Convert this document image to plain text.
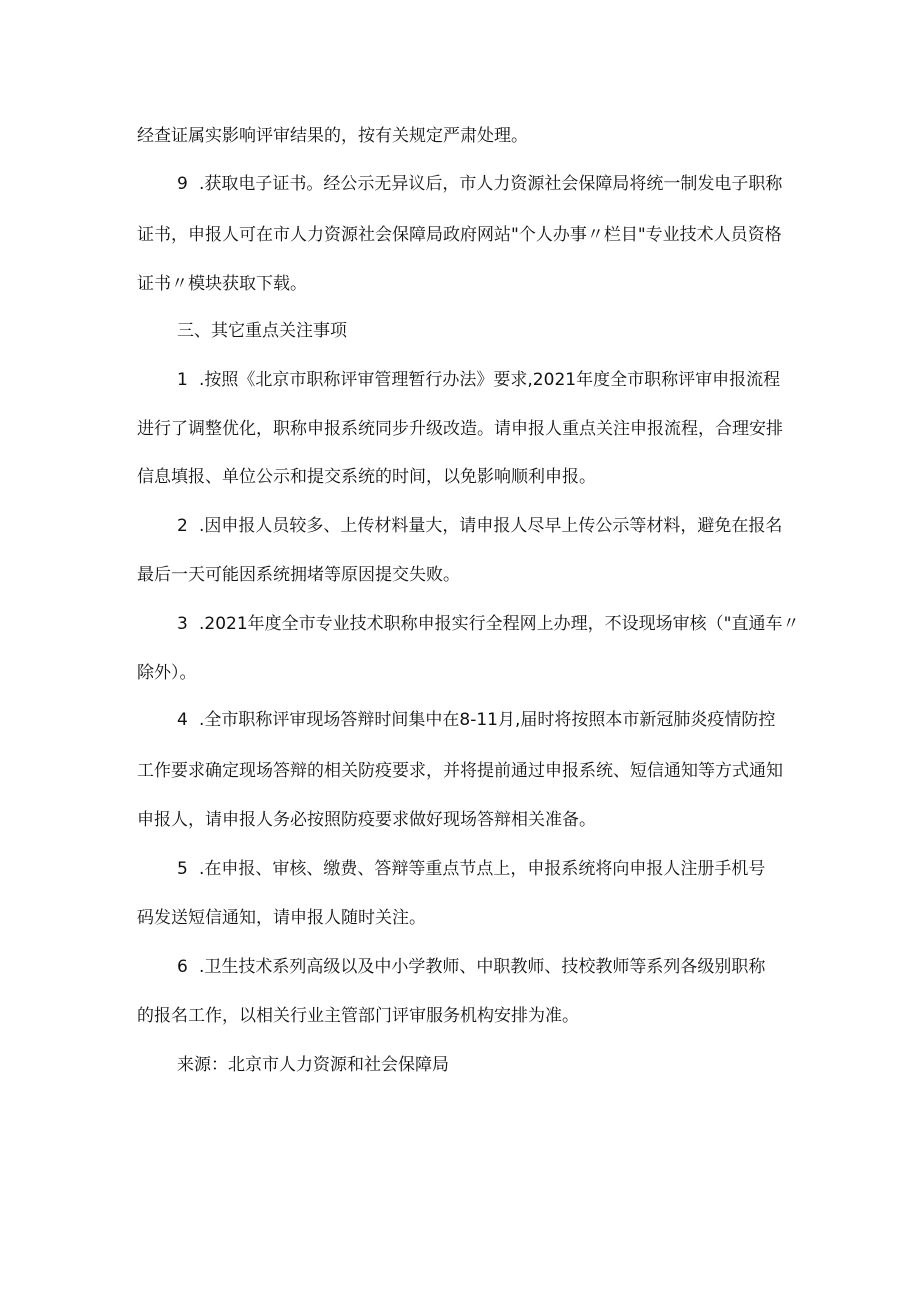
经查证属实影响评审结果的，按有关规定严肃处理。
9 .获取电子证书。经公示无异议后，市人力资源社会保障局将统一制发电子职称
证书，申报人可在市人力资源社会保障局政府网站"个人办事〃栏目"专业技术人员资格
证书〃模块获取下载。
三、其它重点关注事项
1 .按照《北京市职称评审管理暂行办法》要求,2021年度全市职称评审申报流程
进行了调整优化，职称申报系统同步升级改造。请申报人重点关注申报流程，合理安排
信息填报、单位公示和提交系统的时间，以免影响顺利申报。
2 .因申报人员较多、上传材料量大，请申报人尽早上传公示等材料，避免在报名
最后一天可能因系统拥堵等原因提交失败。
3 .2021年度全市专业技术职称申报实行全程网上办理，不设现场审核（"直通车〃
除外）。
4 .全市职称评审现场答辩时间集中在8-11月,届时将按照本市新冠肺炎疫情防控
工作要求确定现场答辩的相关防疫要求，并将提前通过申报系统、短信通知等方式通知
申报人，请申报人务必按照防疫要求做好现场答辩相关准备。
5 .在申报、审核、缴费、答辩等重点节点上，申报系统将向申报人注册手机号
码发送短信通知，请申报人随时关注。
6 .卫生技术系列高级以及中小学教师、中职教师、技校教师等系列各级别职称
的报名工作，以相关行业主管部门评审服务机构安排为准。
来源：北京市人力资源和社会保障局
